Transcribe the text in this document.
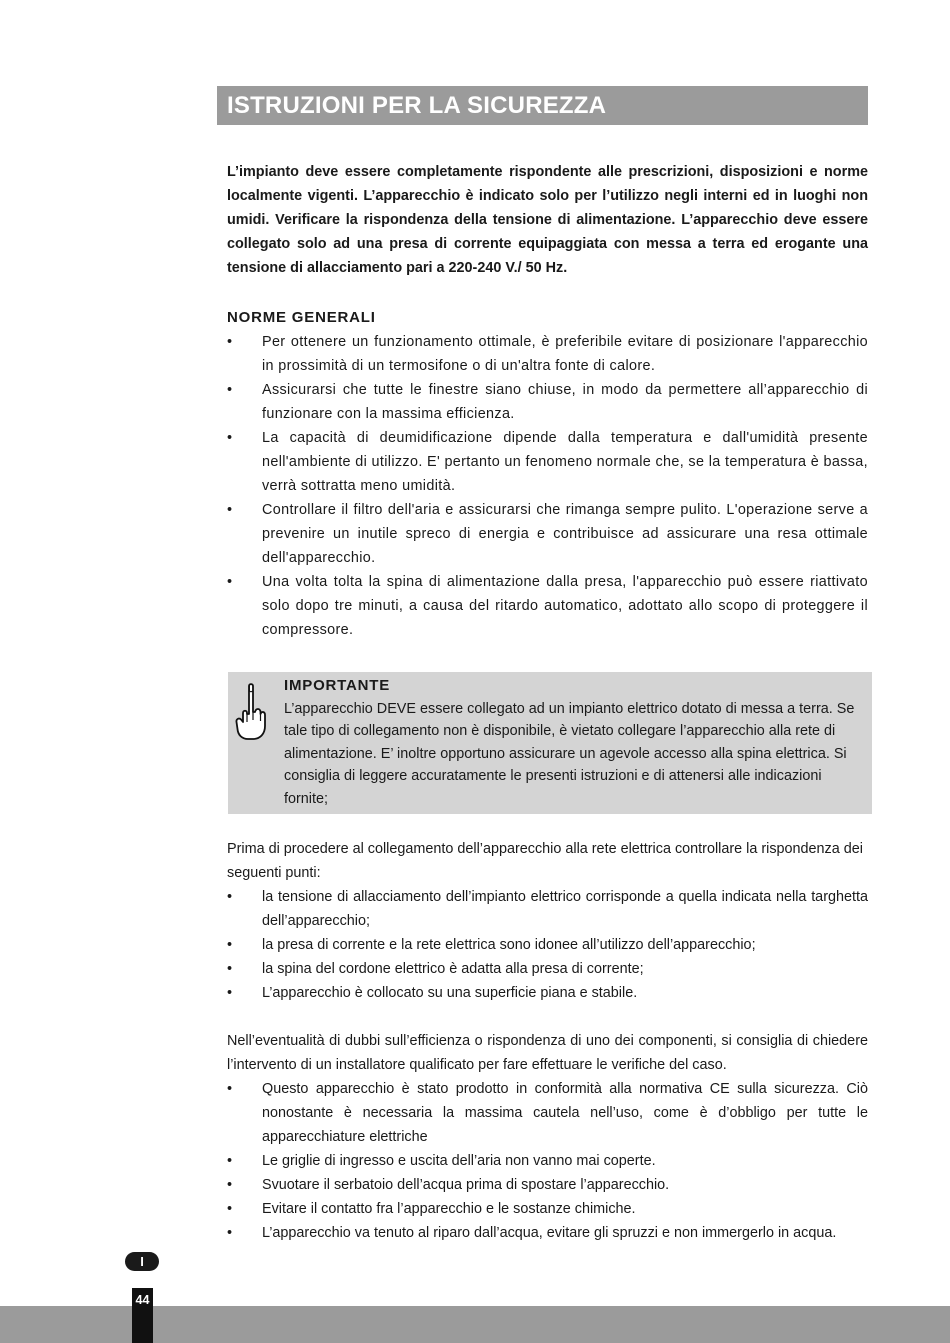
ISTRUZIONI PER LA SICUREZZA

L’impianto deve essere completamente rispondente alle prescrizioni, disposizioni e norme localmente vigenti. L’apparecchio è indicato solo per l’utilizzo negli interni ed in luoghi non umidi. Verificare la rispondenza della tensione di alimentazione. L’apparecchio deve essere collegato solo ad una presa di corrente equipaggiata con messa a terra ed erogante una tensione di allacciamento pari a 220-240 V./ 50 Hz.

NORME GENERALI
• Per ottenere un funzionamento ottimale, è preferibile evitare di posizionare l'apparecchio in prossimità di un termosifone o di un'altra fonte di calore.
• Assicurarsi che tutte le finestre siano chiuse, in modo da permettere all’apparecchio di funzionare con la massima efficienza.
• La capacità di deumidificazione dipende dalla temperatura e dall'umidità presente nell'ambiente di utilizzo. E' pertanto un fenomeno normale che, se la temperatura è bassa, verrà sottratta meno umidità.
• Controllare il filtro dell'aria e assicurarsi che rimanga sempre pulito. L'operazione serve a prevenire un inutile spreco di energia e contribuisce ad assicurare una resa ottimale dell'apparecchio.
• Una volta tolta la spina di alimentazione dalla presa, l'apparecchio può essere riattivato solo dopo tre minuti, a causa del ritardo automatico, adottato allo scopo di proteggere il compressore.
IMPORTANTE
L’apparecchio DEVE essere collegato ad un impianto elettrico dotato di messa a terra. Se tale tipo di collegamento non è disponibile, è vietato collegare l’apparecchio alla rete di alimentazione. E’ inoltre opportuno assicurare un agevole accesso alla spina elettrica. Si consiglia di leggere accuratamente le presenti istruzioni e di attenersi alle indicazioni fornite;

Prima di procedere al collegamento dell’apparecchio alla rete elettrica controllare la rispondenza dei seguenti punti:

• la tensione di allacciamento dell’impianto elettrico corrisponde a quella indicata nella targhetta dell’apparecchio;
• la presa di corrente e la rete elettrica sono idonee all’utilizzo dell’apparecchio;
• la spina del cordone elettrico è adatta alla presa di corrente;
• L’apparecchio è collocato su una superficie piana e stabile.

Nell’eventualità di dubbi sull’efficienza o rispondenza di uno dei componenti, si consiglia di chiedere l’intervento di un installatore qualificato per fare effettuare le verifiche del caso.

• Questo apparecchio è stato prodotto in conformità alla normativa CE sulla sicurezza. Ciò nonostante è necessaria la massima cautela nell’uso, come è d’obbligo per tutte le apparecchiature elettriche
• Le griglie di ingresso e uscita dell’aria non vanno mai coperte.
• Svuotare il serbatoio dell’acqua prima di spostare l’apparecchio.
• Evitare il contatto fra l’apparecchio e le sostanze chimiche.
• L’apparecchio va tenuto al riparo dall’acqua, evitare gli spruzzi e non immergerlo in acqua.
I
44
